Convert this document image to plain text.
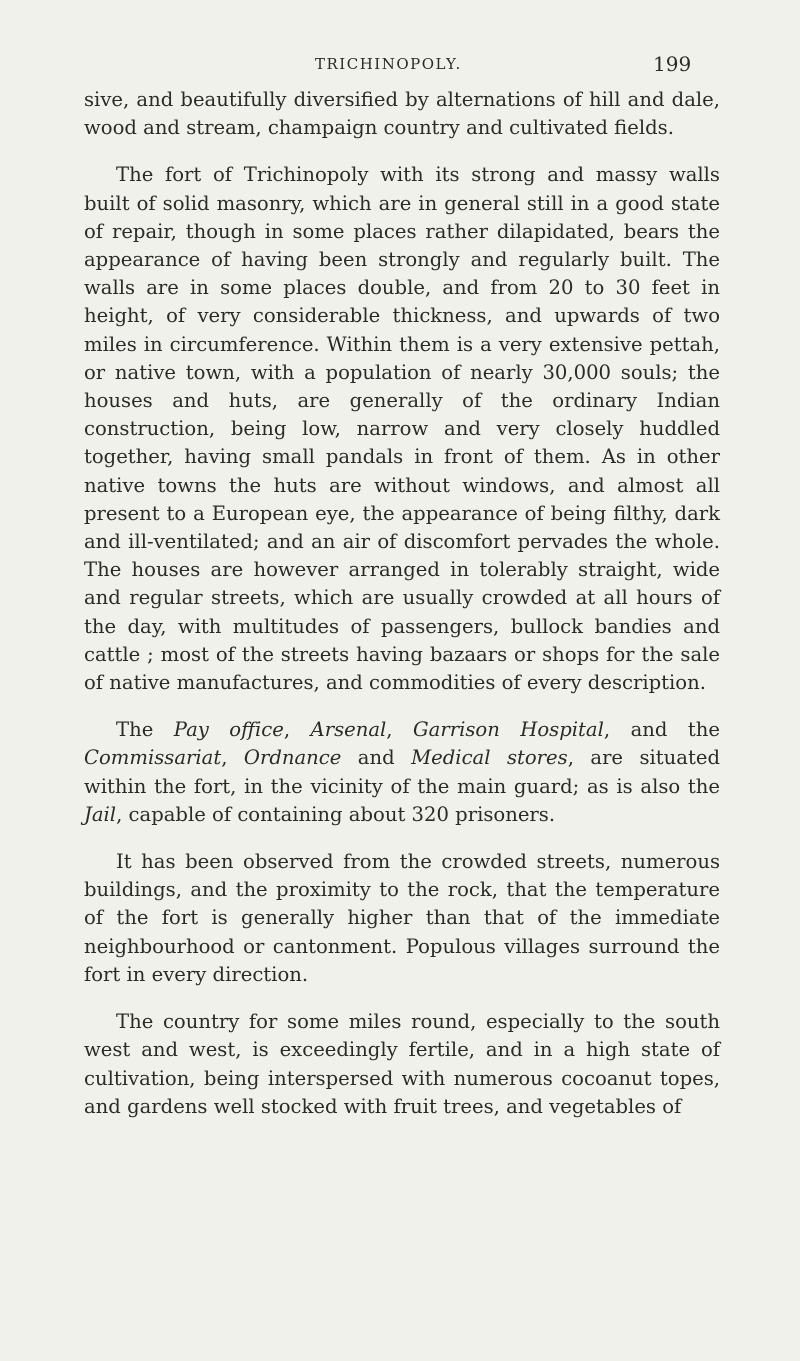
TRICHINOPOLY.	199

sive, and beautifully diversified by alternations of hill and dale, wood and stream, champaign country and cultivated fields.

The fort of Trichinopoly with its strong and massy walls built of solid masonry, which are in general still in a good state of repair, though in some places rather dilapidated, bears the appearance of having been strongly and regularly built. The walls are in some places double, and from 20 to 30 feet in height, of very considerable thickness, and upwards of two miles in circumference. Within them is a very extensive pettah, or native town, with a population of nearly 30,000 souls; the houses and huts, are generally of the ordinary Indian construction, being low, narrow and very closely huddled together, having small pandals in front of them. As in other native towns the huts are without windows, and almost all present to a European eye, the appearance of being filthy, dark and ill-ventilated; and an air of discomfort pervades the whole. The houses are however arranged in tolerably straight, wide and regular streets, which are usually crowded at all hours of the day, with multitudes of passengers, bullock bandies and cattle ; most of the streets having bazaars or shops for the sale of native manufactures, and commodities of every description.

The Pay office, Arsenal, Garrison Hospital, and the Commissariat, Ordnance and Medical stores, are situated within the fort, in the vicinity of the main guard; as is also the Jail, capable of containing about 320 prisoners.

It has been observed from the crowded streets, numerous buildings, and the proximity to the rock, that the temperature of the fort is generally higher than that of the immediate neighbourhood or cantonment. Populous villages surround the fort in every direction.

The country for some miles round, especially to the south west and west, is exceedingly fertile, and in a high state of cultivation, being interspersed with numerous cocoanut topes, and gardens well stocked with fruit trees, and vegetables of
